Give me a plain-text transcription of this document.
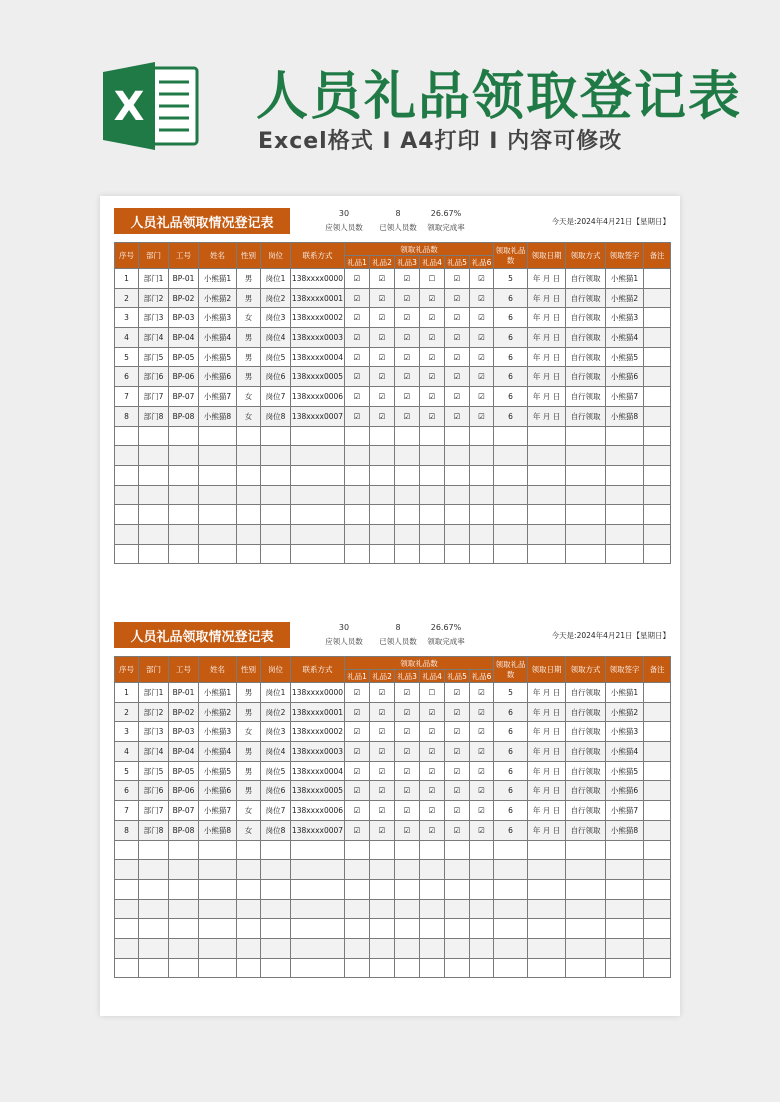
X 人员礼品领取登记表
Excel格式 I A4打印 I 内容可修改
人员礼品领取情况登记表
30
应领人员数
8
已领人员数
26.67%
领取完成率
今天是:2024年4月21日【星期日】
序号	部门	工号	姓名	性别	岗位	联系方式	领取礼品数						领取礼品数	领取日期	领取方式	领取签字	备注
							礼品1	礼品2	礼品3	礼品4	礼品5	礼品6					
1	部门1	BP-01	小熊猫1	男	岗位1	138xxxx0000	☑	☑	☑	☐	☑	☑	5	年 月 日	自行领取	小熊猫1	
2	部门2	BP-02	小熊猫2	男	岗位2	138xxxx0001	☑	☑	☑	☑	☑	☑	6	年 月 日	自行领取	小熊猫2	
3	部门3	BP-03	小熊猫3	女	岗位3	138xxxx0002	☑	☑	☑	☑	☑	☑	6	年 月 日	自行领取	小熊猫3	
4	部门4	BP-04	小熊猫4	男	岗位4	138xxxx0003	☑	☑	☑	☑	☑	☑	6	年 月 日	自行领取	小熊猫4	
5	部门5	BP-05	小熊猫5	男	岗位5	138xxxx0004	☑	☑	☑	☑	☑	☑	6	年 月 日	自行领取	小熊猫5	
6	部门6	BP-06	小熊猫6	男	岗位6	138xxxx0005	☑	☑	☑	☑	☑	☑	6	年 月 日	自行领取	小熊猫6	
7	部门7	BP-07	小熊猫7	女	岗位7	138xxxx0006	☑	☑	☑	☑	☑	☑	6	年 月 日	自行领取	小熊猫7	
8	部门8	BP-08	小熊猫8	女	岗位8	138xxxx0007	☑	☑	☑	☑	☑	☑	6	年 月 日	自行领取	小熊猫8	

人员礼品领取情况登记表
30
应领人员数
8
已领人员数
26.67%
领取完成率
今天是:2024年4月21日【星期日】
序号	部门	工号	姓名	性别	岗位	联系方式	领取礼品数						领取礼品数	领取日期	领取方式	领取签字	备注
							礼品1	礼品2	礼品3	礼品4	礼品5	礼品6					
1	部门1	BP-01	小熊猫1	男	岗位1	138xxxx0000	☑	☑	☑	☐	☑	☑	5	年 月 日	自行领取	小熊猫1	
2	部门2	BP-02	小熊猫2	男	岗位2	138xxxx0001	☑	☑	☑	☑	☑	☑	6	年 月 日	自行领取	小熊猫2	
3	部门3	BP-03	小熊猫3	女	岗位3	138xxxx0002	☑	☑	☑	☑	☑	☑	6	年 月 日	自行领取	小熊猫3	
4	部门4	BP-04	小熊猫4	男	岗位4	138xxxx0003	☑	☑	☑	☑	☑	☑	6	年 月 日	自行领取	小熊猫4	
5	部门5	BP-05	小熊猫5	男	岗位5	138xxxx0004	☑	☑	☑	☑	☑	☑	6	年 月 日	自行领取	小熊猫5	
6	部门6	BP-06	小熊猫6	男	岗位6	138xxxx0005	☑	☑	☑	☑	☑	☑	6	年 月 日	自行领取	小熊猫6	
7	部门7	BP-07	小熊猫7	女	岗位7	138xxxx0006	☑	☑	☑	☑	☑	☑	6	年 月 日	自行领取	小熊猫7	
8	部门8	BP-08	小熊猫8	女	岗位8	138xxxx0007	☑	☑	☑	☑	☑	☑	6	年 月 日	自行领取	小熊猫8	
